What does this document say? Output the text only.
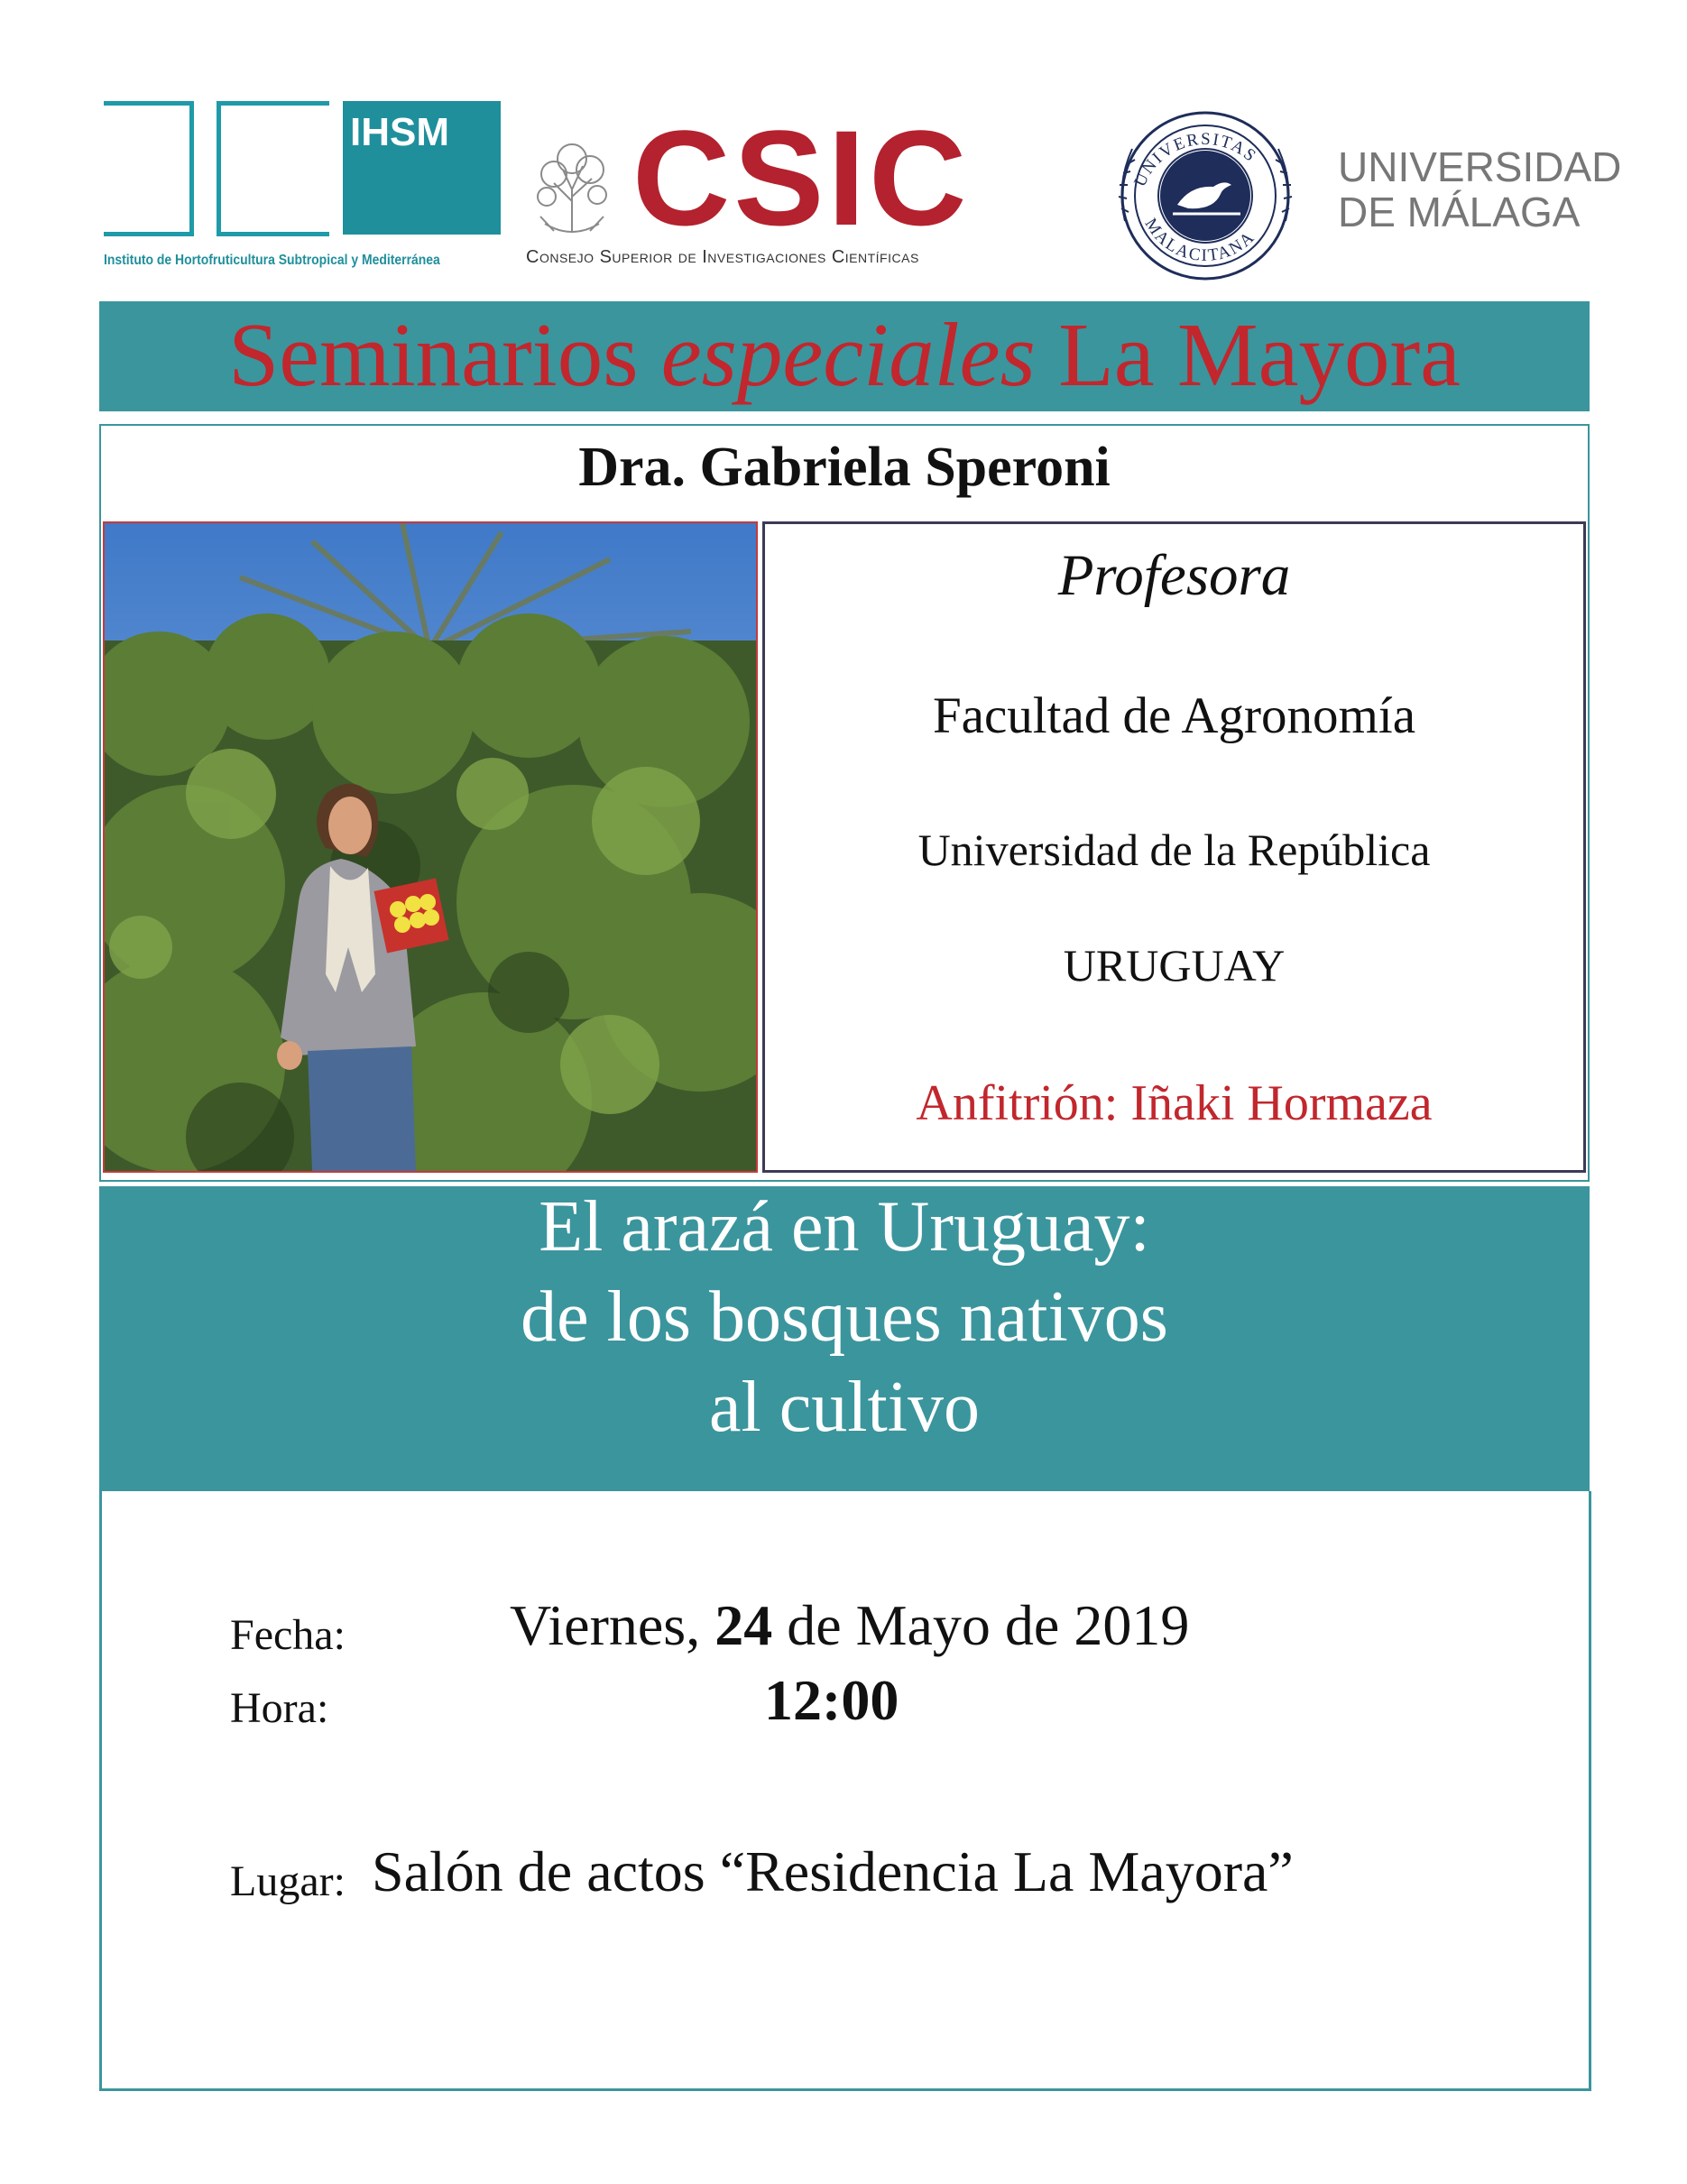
IHSM La Mayora
Instituto de Hortofruticultura Subtropical y Mediterránea
CSIC
Consejo Superior de Investigaciones Científicas
UNIVERSITAS
MALACITANA
UNIVERSIDAD
DE MÁLAGA
Seminarios especiales La Mayora
Dra. Gabriela Speroni
Profesora
Facultad de Agronomía
Universidad de la República
URUGUAY
Anfitrión: Iñaki Hormaza
El arazá en Uruguay:
de los bosques nativos
al cultivo
Fecha:	Viernes, 24 de Mayo de 2019
Hora:	12:00
Lugar: Salón de actos “Residencia La Mayora”
